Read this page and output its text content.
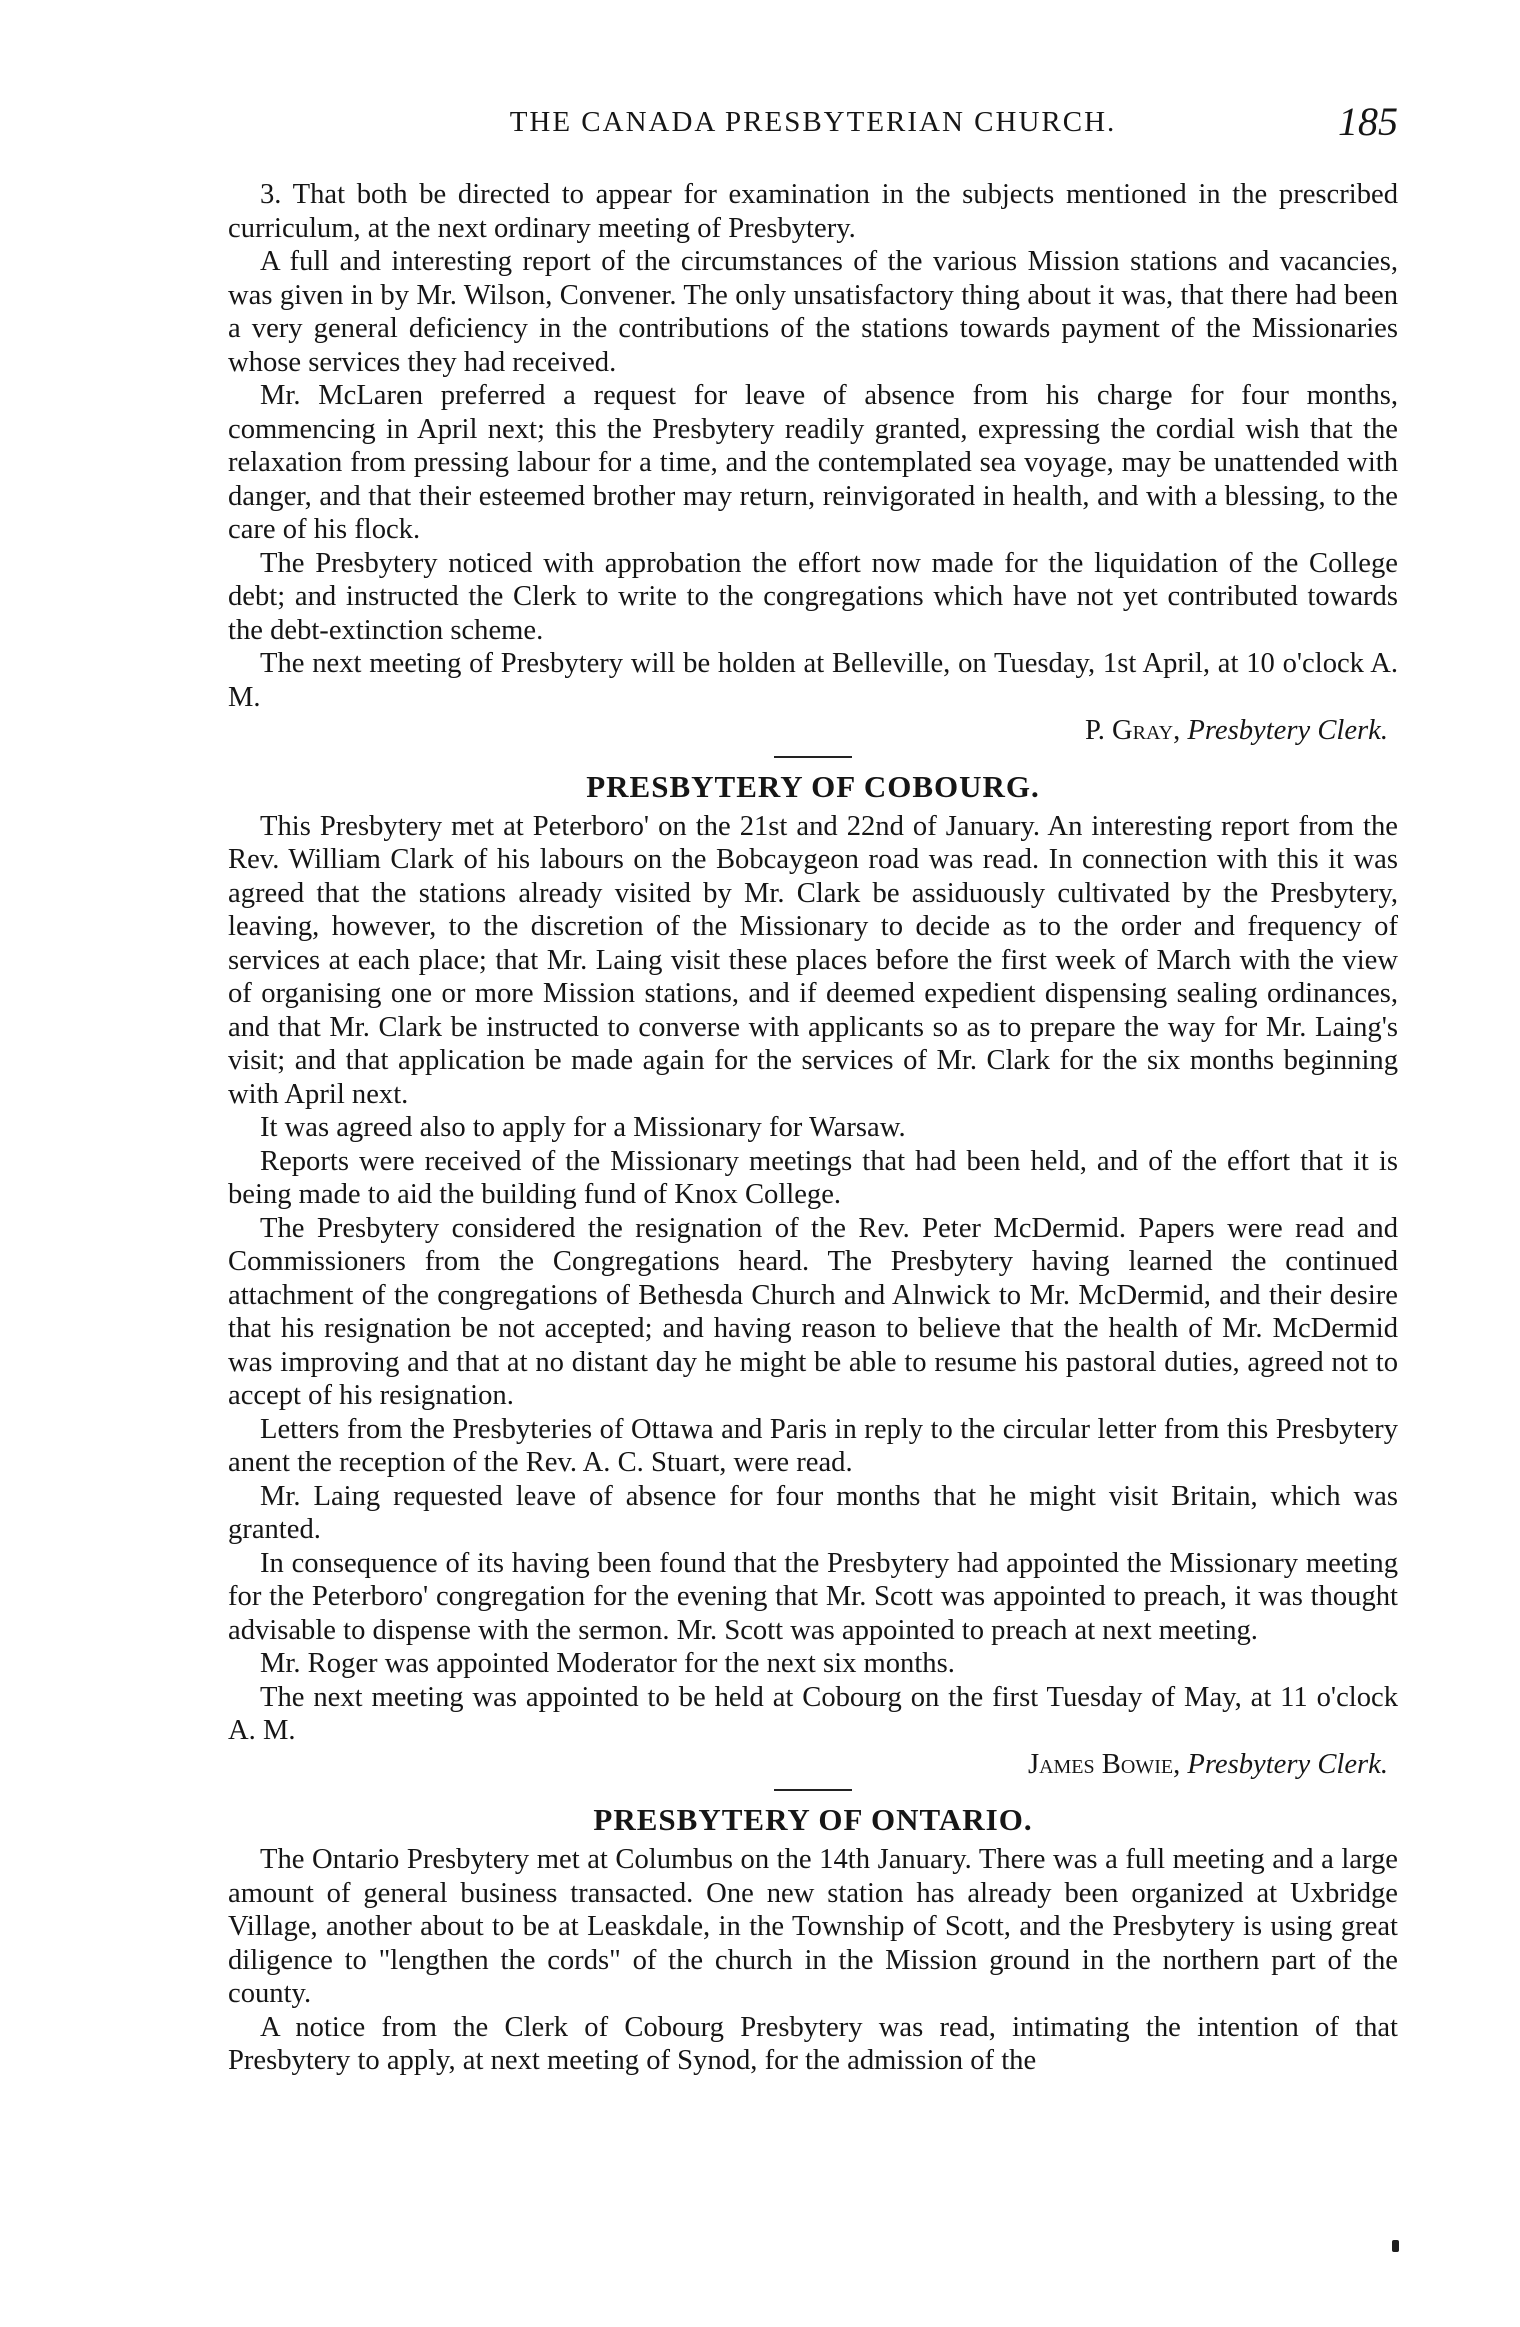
THE CANADA PRESBYTERIAN CHURCH.	185

3. That both be directed to appear for examination in the subjects mentioned in the prescribed curriculum, at the next ordinary meeting of Presbytery.

A full and interesting report of the circumstances of the various Mission stations and vacancies, was given in by Mr. Wilson, Convener. The only unsatisfactory thing about it was, that there had been a very general deficiency in the contributions of the stations towards payment of the Missionaries whose services they had received.

Mr. McLaren preferred a request for leave of absence from his charge for four months, commencing in April next; this the Presbytery readily granted, expressing the cordial wish that the relaxation from pressing labour for a time, and the contemplated sea voyage, may be unattended with danger, and that their esteemed brother may return, reinvigorated in health, and with a blessing, to the care of his flock.

The Presbytery noticed with approbation the effort now made for the liquidation of the College debt; and instructed the Clerk to write to the congregations which have not yet contributed towards the debt-extinction scheme.

The next meeting of Presbytery will be holden at Belleville, on Tuesday, 1st April, at 10 o'clock A. M.

P. Gray, Presbytery Clerk.

PRESBYTERY OF COBOURG.

This Presbytery met at Peterboro' on the 21st and 22nd of January. An interesting report from the Rev. William Clark of his labours on the Bobcaygeon road was read. In connection with this it was agreed that the stations already visited by Mr. Clark be assiduously cultivated by the Presbytery, leaving, however, to the discretion of the Missionary to decide as to the order and frequency of services at each place; that Mr. Laing visit these places before the first week of March with the view of organising one or more Mission stations, and if deemed expedient dispensing sealing ordinances, and that Mr. Clark be instructed to converse with applicants so as to prepare the way for Mr. Laing's visit; and that application be made again for the services of Mr. Clark for the six months beginning with April next.

It was agreed also to apply for a Missionary for Warsaw.

Reports were received of the Missionary meetings that had been held, and of the effort that it is being made to aid the building fund of Knox College.

The Presbytery considered the resignation of the Rev. Peter McDermid. Papers were read and Commissioners from the Congregations heard. The Presbytery having learned the continued attachment of the congregations of Bethesda Church and Alnwick to Mr. McDermid, and their desire that his resignation be not accepted; and having reason to believe that the health of Mr. McDermid was improving and that at no distant day he might be able to resume his pastoral duties, agreed not to accept of his resignation.

Letters from the Presbyteries of Ottawa and Paris in reply to the circular letter from this Presbytery anent the reception of the Rev. A. C. Stuart, were read.

Mr. Laing requested leave of absence for four months that he might visit Britain, which was granted.

In consequence of its having been found that the Presbytery had appointed the Missionary meeting for the Peterboro' congregation for the evening that Mr. Scott was appointed to preach, it was thought advisable to dispense with the sermon. Mr. Scott was appointed to preach at next meeting.

Mr. Roger was appointed Moderator for the next six months.

The next meeting was appointed to be held at Cobourg on the first Tuesday of May, at 11 o'clock A. M.

James Bowie, Presbytery Clerk.

PRESBYTERY OF ONTARIO.

The Ontario Presbytery met at Columbus on the 14th January. There was a full meeting and a large amount of general business transacted. One new station has already been organized at Uxbridge Village, another about to be at Leaskdale, in the Township of Scott, and the Presbytery is using great diligence to "lengthen the cords" of the church in the Mission ground in the northern part of the county.

A notice from the Clerk of Cobourg Presbytery was read, intimating the intention of that Presbytery to apply, at next meeting of Synod, for the admission of the
